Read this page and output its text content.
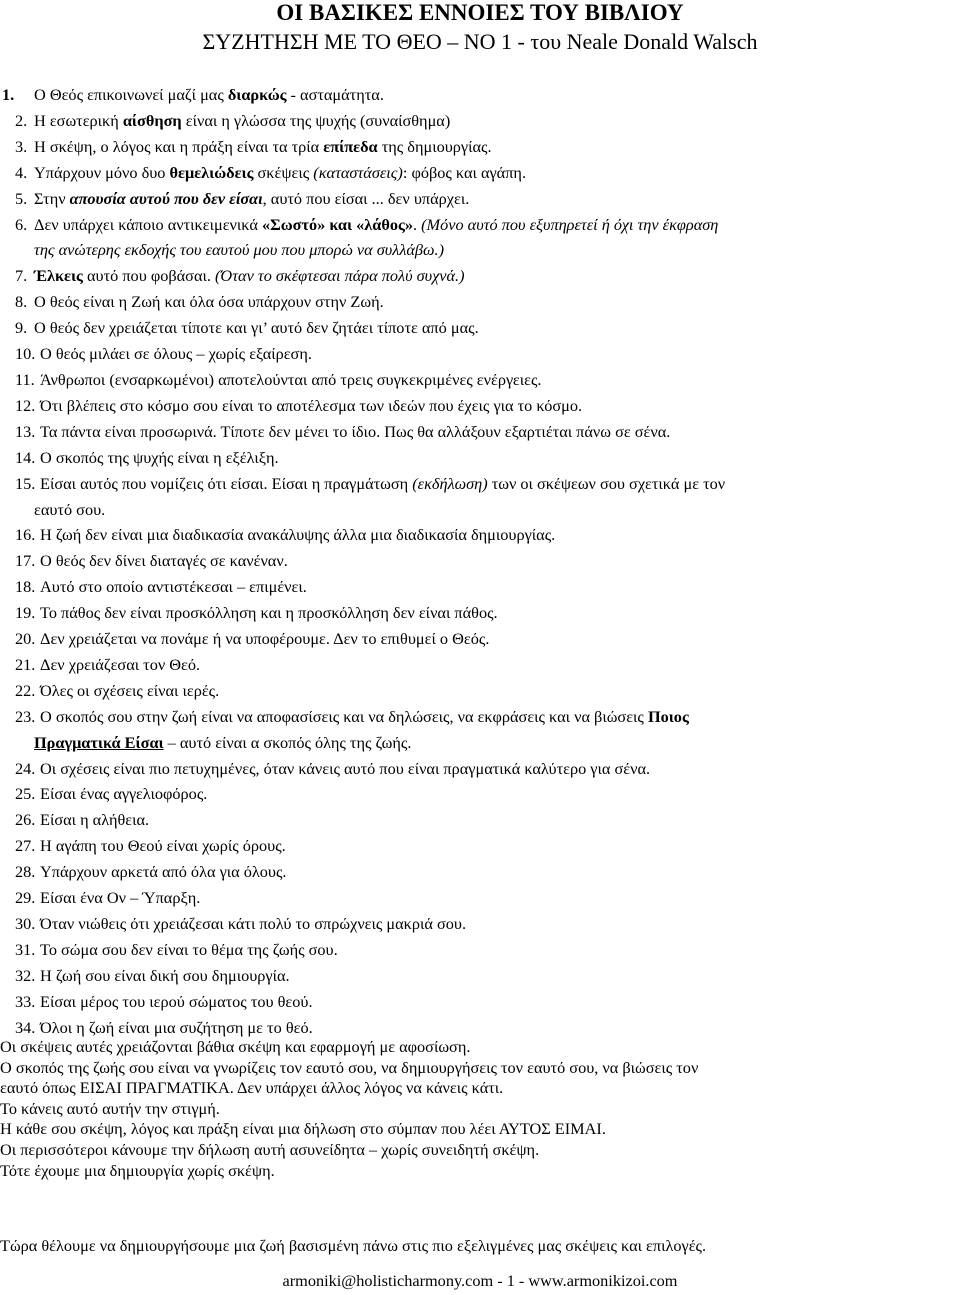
ΟΙ ΒΑΣΙΚΕΣ ΕΝΝΟΙΕΣ ΤΟΥ ΒΙΒΛΙΟΥ
ΣΥΖΗΤΗΣΗ ΜΕ ΤΟ ΘΕΟ – ΝΟ 1 - του Neale Donald Walsch
1.	Ο Θεός επικοινωνεί μαζί μας διαρκώς - ασταμάτητα.
2. Η εσωτερική αίσθηση είναι η γλώσσα της ψυχής (συναίσθημα)
3. Η σκέψη, ο λόγος και η πράξη είναι τα τρία επίπεδα της δημιουργίας.
4. Υπάρχουν μόνο δυο θεμελιώδεις σκέψεις (καταστάσεις): φόβος και αγάπη.
5. Στην απουσία αυτού που δεν είσαι, αυτό που είσαι ... δεν υπάρχει.
6. Δεν υπάρχει κάποιο αντικειμενικά «Σωστό» και «λάθος». (Μόνο αυτό που εξυπηρετεί ή όχι την έκφραση
της ανώτερης εκδοχής του εαυτού μου που μπορώ να συλλάβω.)
7. Έλκεις αυτό που φοβάσαι. (Όταν το σκέφτεσαι πάρα πολύ συχνά.)
8. Ο θεός είναι η Ζωή και όλα όσα υπάρχουν στην Ζωή.
9. Ο θεός δεν χρειάζεται τίποτε και γι’ αυτό δεν ζητάει τίποτε από μας.
10. Ο θεός μιλάει σε όλους – χωρίς εξαίρεση.
11. Άνθρωποι (ενσαρκωμένοι) αποτελούνται από τρεις συγκεκριμένες ενέργειες.
12. Ότι βλέπεις στο κόσμο σου είναι το αποτέλεσμα των ιδεών που έχεις για το κόσμο.
13. Τα πάντα είναι προσωρινά. Τίποτε δεν μένει το ίδιο. Πως θα αλλάξουν εξαρτιέται πάνω σε σένα.
14. Ο σκοπός της ψυχής είναι η εξέλιξη.
15. Είσαι αυτός που νομίζεις ότι είσαι. Είσαι η πραγμάτωση (εκδήλωση) των οι σκέψεων σου σχετικά με τον
εαυτό σου.
16. Η ζωή δεν είναι μια διαδικασία ανακάλυψης άλλα μια διαδικασία δημιουργίας.
17. Ο θεός δεν δίνει διαταγές σε κανέναν.
18. Αυτό στο οποίο αντιστέκεσαι – επιμένει.
19. Το πάθος δεν είναι προσκόλληση και η προσκόλληση δεν είναι πάθος.
20. Δεν χρειάζεται να πονάμε ή να υποφέρουμε. Δεν το επιθυμεί ο Θεός.
21. Δεν χρειάζεσαι τον Θεό.
22. Όλες οι σχέσεις είναι ιερές.
23. Ο σκοπός σου στην ζωή είναι να αποφασίσεις και να δηλώσεις, να εκφράσεις και να βιώσεις Ποιος
Πραγματικά Είσαι – αυτό είναι α σκοπός όλης της ζωής.
24. Οι σχέσεις είναι πιο πετυχημένες, όταν κάνεις αυτό που είναι πραγματικά καλύτερο για σένα.
25. Είσαι ένας αγγελιοφόρος.
26. Είσαι η αλήθεια.
27. Η αγάπη του Θεού είναι χωρίς όρους.
28. Υπάρχουν αρκετά από όλα για όλους.
29. Είσαι ένα Ον – Ύπαρξη.
30. Όταν νιώθεις ότι χρειάζεσαι κάτι πολύ το σπρώχνεις μακριά σου.
31. Το σώμα σου δεν είναι το θέμα της ζωής σου.
32. Η ζωή σου είναι δική σου δημιουργία.
33. Είσαι μέρος του ιερού σώματος του θεού.
34. Όλοι η ζωή είναι μια συζήτηση με το θεό.
Οι σκέψεις αυτές χρειάζονται βάθια σκέψη και εφαρμογή με αφοσίωση.
Ο σκοπός της ζωής σου είναι να γνωρίζεις τον εαυτό σου, να δημιουργήσεις τον εαυτό σου, να βιώσεις τον
εαυτό όπως ΕΙΣΑΙ ΠΡΑΓΜΑΤΙΚΑ. Δεν υπάρχει άλλος λόγος να κάνεις κάτι.
Το κάνεις αυτό αυτήν την στιγμή.
Η κάθε σου σκέψη, λόγος και πράξη είναι μια δήλωση στο σύμπαν που λέει ΑΥΤΟΣ ΕΙΜΑΙ.
Οι περισσότεροι κάνουμε την δήλωση αυτή ασυνείδητα – χωρίς συνειδητή σκέψη.
Τότε έχουμε μια δημιουργία χωρίς σκέψη.
Τώρα θέλουμε να δημιουργήσουμε μια ζωή βασισμένη πάνω στις πιο εξελιγμένες μας σκέψεις και επιλογές.
armoniki@holisticharmony.com - 1 - www.armonikizoi.com
